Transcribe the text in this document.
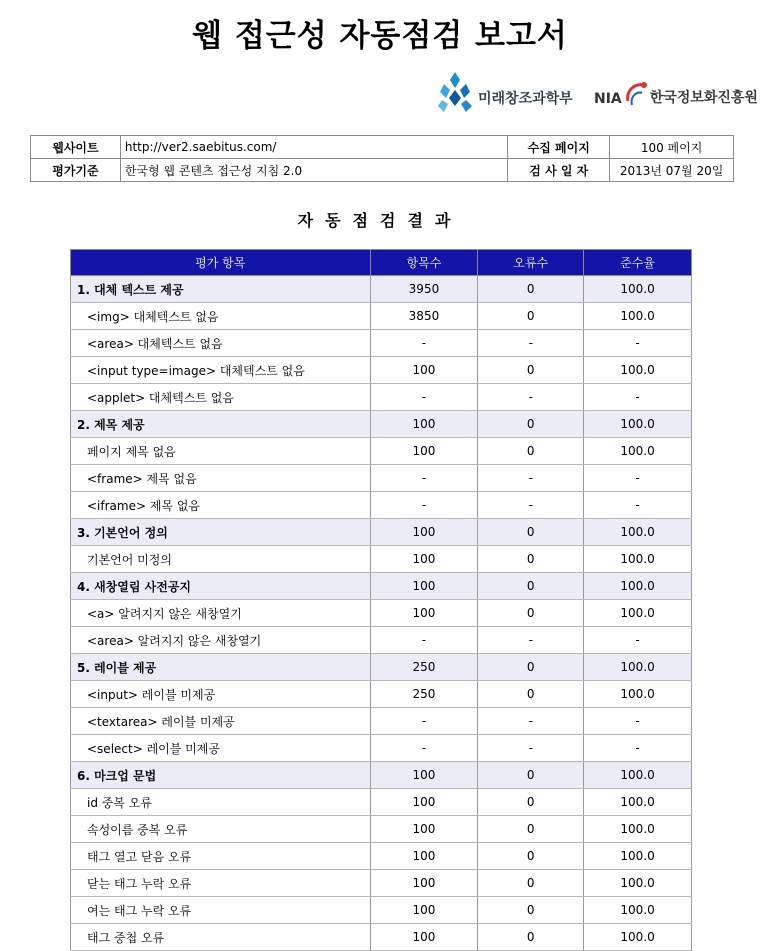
웹 접근성 자동점검 보고서
미래창조과학부 NIA 한국정보화진흥원
웹사이트	http://ver2.saebitus.com/	수집 페이지	100 페이지
평가기준	한국형 웹 콘텐츠 접근성 지침 2.0	검 사 일 자	2013년 07월 20일
자동점검결과
평가 항목	항목수	오류수	준수율
1. 대체 텍스트 제공	3950	0	100.0
<img> 대체텍스트 없음	3850	0	100.0
<area> 대체텍스트 없음	-	-	-
<input type=image> 대체텍스트 없음	100	0	100.0
<applet> 대체텍스트 없음	-	-	-
2. 제목 제공	100	0	100.0
페이지 제목 없음	100	0	100.0
<frame> 제목 없음	-	-	-
<iframe> 제목 없음	-	-	-
3. 기본언어 정의	100	0	100.0
기본언어 미정의	100	0	100.0
4. 새창열림 사전공지	100	0	100.0
<a> 알려지지 않은 새창열기	100	0	100.0
<area> 알려지지 않은 새창열기	-	-	-
5. 레이블 제공	250	0	100.0
<input> 레이블 미제공	250	0	100.0
<textarea> 레이블 미제공	-	-	-
<select> 레이블 미제공	-	-	-
6. 마크업 문법	100	0	100.0
id 중복 오류	100	0	100.0
속성이름 중복 오류	100	0	100.0
태그 열고 닫음 오류	100	0	100.0
닫는 태그 누락 오류	100	0	100.0
여는 태그 누락 오류	100	0	100.0
태그 중첩 오류	100	0	100.0
